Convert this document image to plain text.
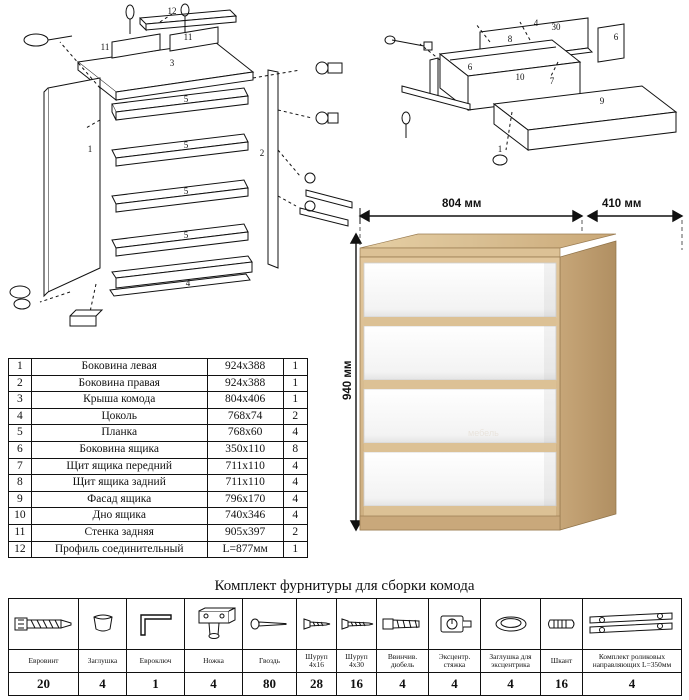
12
11
11
3
5
5
5
5
1	2
4
4 30
8	6
6
10	7
1
9
1	Боковина левая	924x388	1
2	Боковина правая	924x388	1
3	Крыша комода	804x406	1
4	Цоколь	768x74	2
5	Планка	768x60	4
6	Боковина ящика	350x110	8
7	Щит ящика передний	711x110	4
8	Щит ящика задний	711x110	4
9	Фасад ящика	796x170	4
10	Дно ящика	740x346	4
11	Стенка задняя	905x397	2
12	Профиль соединительный	L=877мм	1
804 мм	410 мм
940 мм
мебель
Комплект фурнитуры для сборки комода

Евровинт	Заглушка	Евроключ	Ножка	Гвоздь	Шуруп 4x16	Шуруп 4x30	Ввинчив. дюбель	Эксцентр. стяжка	Заглушка для эксцентрика	Шкант	Комплект роликовых направляющих L=350мм
20	4	1	4	80	28	16	4	4	4	16	4
